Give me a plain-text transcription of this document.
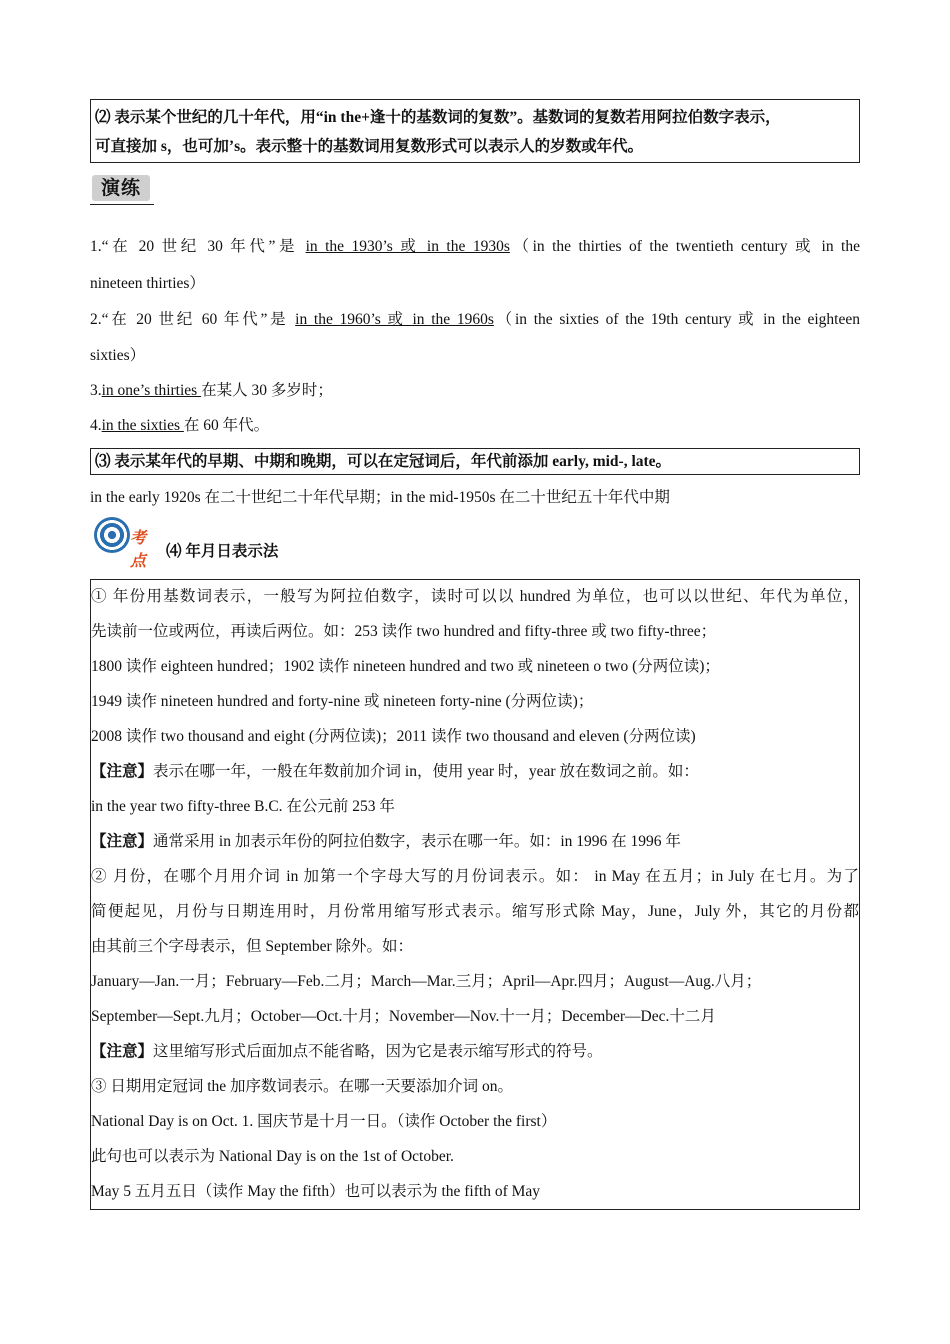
⑵ 表示某个世纪的几十年代，用“in the+逢十的基数词的复数”。基数词的复数若用阿拉伯数字表示，
可直接加 s，也可加’s。表示整十的基数词用复数形式可以表示人的岁数或年代。
演练
1.“在 20 世纪 30 年代”是 in the 1930’s 或 in the 1930s（in the thirties of the twentieth century 或 in the
nineteen thirties）
2.“在 20 世纪 60 年代”是 in the 1960’s 或 in the 1960s（in the sixties of the 19th century 或 in the eighteen
sixties）
3.in one’s thirties 在某人 30 多岁时；
4.in the sixties 在 60 年代。
⑶ 表示某年代的早期、中期和晚期，可以在定冠词后，年代前添加 early, mid-, late。
in the early 1920s 在二十世纪二十年代早期；in the mid-1950s 在二十世纪五十年代中期
考点 ⑷ 年月日表示法
① 年份用基数词表示，一般写为阿拉伯数字，读时可以以 hundred 为单位，也可以以世纪、年代为单位，
先读前一位或两位，再读后两位。如：253 读作 two hundred and fifty-three 或 two fifty-three；
1800 读作 eighteen hundred；1902 读作 nineteen hundred and two 或 nineteen o two (分两位读)；
1949 读作 nineteen hundred and forty-nine 或 nineteen forty-nine (分两位读)；
2008 读作 two thousand and eight (分两位读)；2011 读作 two thousand and eleven (分两位读)
【注意】表示在哪一年，一般在年数前加介词 in，使用 year 时，year 放在数词之前。如：
in the year two fifty-three B.C. 在公元前 253 年
【注意】通常采用 in 加表示年份的阿拉伯数字，表示在哪一年。如：in 1996 在 1996 年
② 月份，在哪个月用介词 in 加第一个字母大写的月份词表示。如： in May 在五月；in July 在七月。为了
简便起见，月份与日期连用时，月份常用缩写形式表示。缩写形式除 May，June，July 外，其它的月份都
由其前三个字母表示，但 September 除外。如：
January—Jan.一月；February—Feb.二月；March—Mar.三月；April—Apr.四月；August—Aug.八月；
September—Sept.九月；October—Oct.十月；November—Nov.十一月；December—Dec.十二月
【注意】这里缩写形式后面加点不能省略，因为它是表示缩写形式的符号。
③ 日期用定冠词 the 加序数词表示。在哪一天要添加介词 on。
National Day is on Oct. 1. 国庆节是十月一日。（读作 October the first）
此句也可以表示为 National Day is on the 1st of October.
May 5 五月五日（读作 May the fifth）也可以表示为 the fifth of May
